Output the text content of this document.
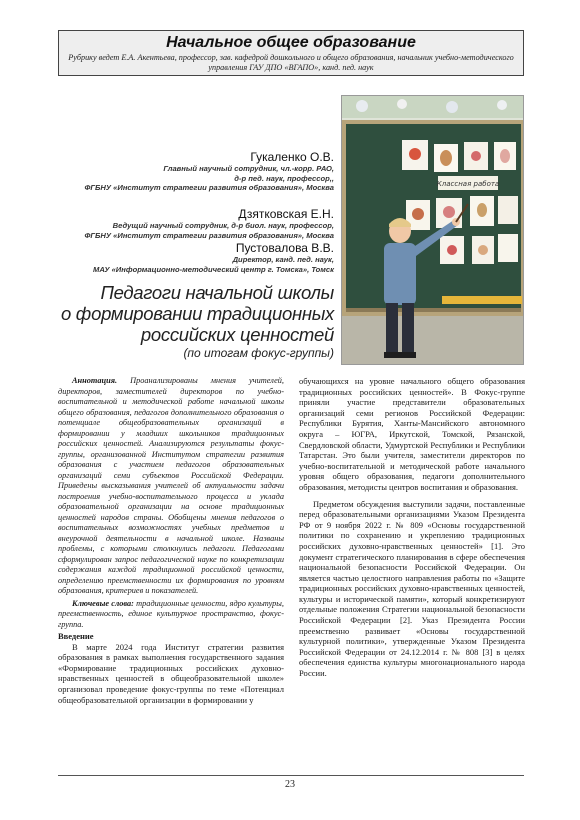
Начальное общее образование
Рубрику ведет Е.А. Акентьева, профессор, зав. кафедрой дошкольного и общего образования, начальник учебно-методического управления ГАУ ДПО «ВГАПО», канд. пед. наук
Гукаленко О.В.
Главный научный сотрудник, чл.-корр. РАО,
д-р пед. наук, профессор,,
ФГБНУ «Институт стратегии развития образования», Москва
Дзятковская Е.Н.
Ведущий научный сотрудник, д-р биол. наук, профессор,
ФГБНУ «Институт стратегии развития образования», Москва
Пустовалова В.В.
Директор, канд. пед. наук,
МАУ «Информационно-методический центр г. Томска», Томск
Педагоги начальной школы
о формировании традиционных
российских ценностей
(по итогам фокус-группы)
Классная работа

Аннотация. Проанализированы мнения учителей, директоров, заместителей директоров по учебно-воспитательной и методической работе начальной школы общего образования, педагогов дополнительного образования о потенциале общеобразовательных организаций в формировании у младших школьников традиционных российских ценностей. Анализируются результаты фокус-группы, организованной Институтом стратегии развития образования с участием педагогов образовательных организаций семи субъектов Российской Федерации. Приведены высказывания учителей об актуальности задачи построения учебно-воспитательного процесса и уклада образовательной организации на основе традиционных ценностей народов страны. Обобщены мнения педагогов о воспитательных возможностях учебных предметов и внеурочной деятельности в начальной школе. Названы проблемы, с которыми столкнулись педагоги. Педагогами сформулирован запрос педагогической науке по конкретизации содержания каждой традиционной российской ценности, определению преемственности их формирования по уровням образования, критериев и показателей.

Ключевые слова: традиционные ценности, ядро культуры, преемственность, единое культурное пространство, фокус-группа.

Введение

В марте 2024 года Институт стратегии развития образования в рамках выполнения государственного задания «Формирование традиционных российских духовно-нравственных ценностей в общеобразовательной школе» организовал проведение фокус-группы по теме «Потенциал общеобразовательной организации в формировании у

обучающихся на уровне начального общего образования традиционных российских ценностей». В Фокус-группе приняли участие представители образовательных организаций семи регионов Российской Федерации: Республики Бурятия, Ханты-Мансийского автономного округа – ЮГРА, Иркутской, Томской, Рязанской, Свердловской области, Удмуртской Республики и Республики Татарстан. Это были учителя, заместители директоров по учебно-воспитательной и методической работе начального уровня общего образования, педагоги дополнительного образования, методисты центров воспитания и образования.

Предметом обсуждения выступили задачи, поставленные перед образовательными организациями Указом Президента РФ от 9 ноября 2022 г. № 809 «Основы государственной политики по сохранению и укреплению традиционных российских духовно-нравственных ценностей» [1]. Это документ стратегического планирования в сфере обеспечения национальной безопасности Российской Федерации. Он является частью целостного направления работы по «Защите традиционных российских духовно-нравственных ценностей, культуры и исторической памяти», который конкретизируют отдельные положения Стратегии национальной безопасности Российской Федерации [2]. Указ Президента России преемственно развивает «Основы государственной культурной политики», утвержденные Указом Президента Российской Федерации от 24.12.2014 г. № 808 [3] в целях обеспечения единства культуры многонационального народа России.

23
